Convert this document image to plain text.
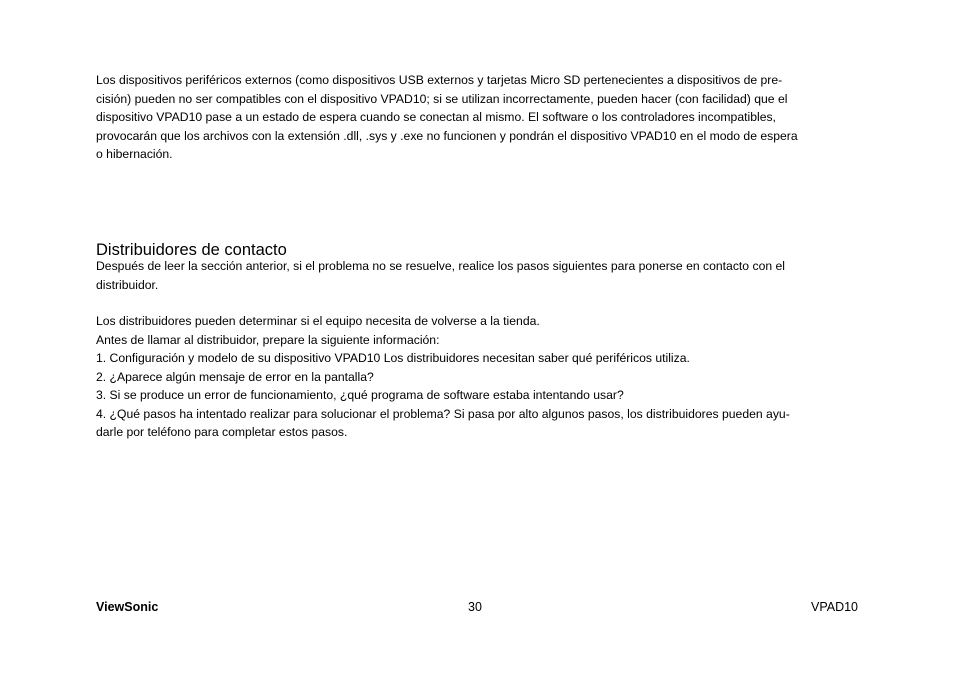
Los dispositivos periféricos externos (como dispositivos USB externos y tarjetas Micro SD pertenecientes a dispositivos de pre-
cisión) pueden no ser compatibles con el dispositivo VPAD10; si se utilizan incorrectamente, pueden hacer (con facilidad) que el
dispositivo VPAD10 pase a un estado de espera cuando se conectan al mismo. El software o los controladores incompatibles,
provocarán que los archivos con la extensión .dll, .sys y .exe no funcionen y pondrán el dispositivo VPAD10 en el modo de espera
o hibernación.

Distribuidores de contacto

Después de leer la sección anterior, si el problema no se resuelve, realice los pasos siguientes para ponerse en contacto con el
distribuidor.

Los distribuidores pueden determinar si el equipo necesita de volverse a la tienda.
Antes de llamar al distribuidor, prepare la siguiente información:
1. Configuración y modelo de su dispositivo VPAD10 Los distribuidores necesitan saber qué periféricos utiliza.
2. ¿Aparece algún mensaje de error en la pantalla?
3. Si se produce un error de funcionamiento, ¿qué programa de software estaba intentando usar?
4. ¿Qué pasos ha intentado realizar para solucionar el problema? Si pasa por alto algunos pasos, los distribuidores pueden ayu-
darle por teléfono para completar estos pasos.

ViewSonic	30	VPAD10
